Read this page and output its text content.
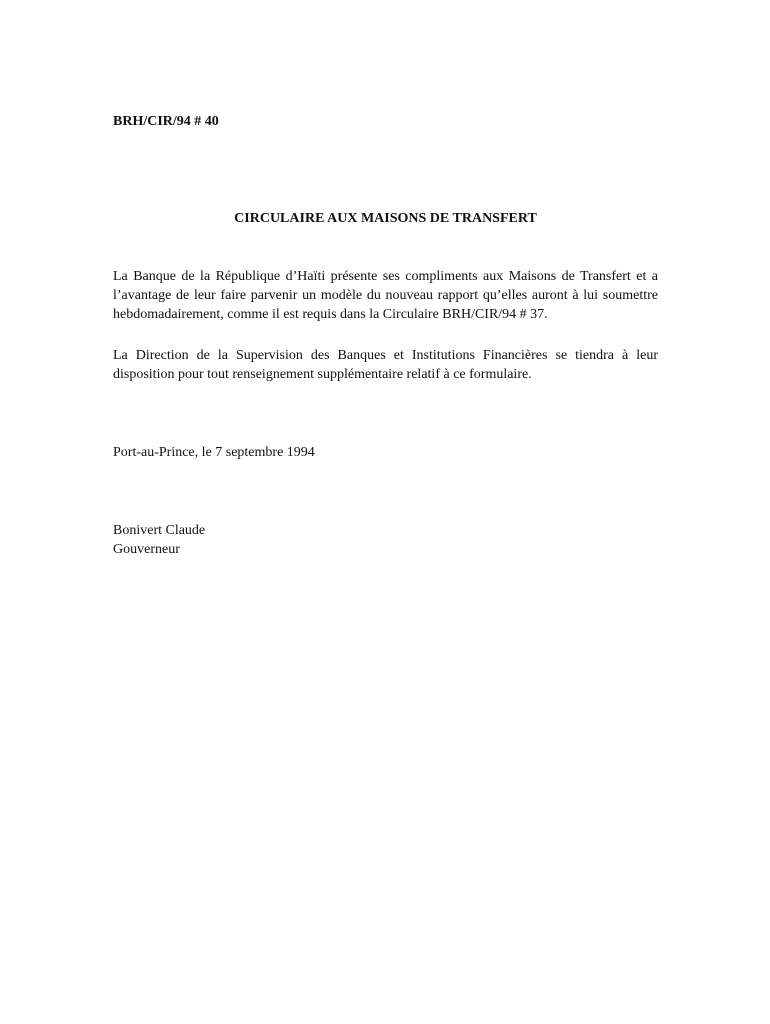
BRH/CIR/94 # 40

CIRCULAIRE AUX MAISONS DE TRANSFERT

La Banque de la République d’Haïti présente ses compliments aux Maisons de Transfert et a l’avantage de leur faire parvenir un modèle du nouveau rapport qu’elles auront à lui soumettre hebdomadairement, comme il est requis dans la Circulaire BRH/CIR/94 # 37.

La Direction de la Supervision des Banques et Institutions Financières se tiendra à leur disposition pour tout renseignement supplémentaire relatif à ce formulaire.

Port-au-Prince, le 7 septembre 1994

Bonivert Claude

Gouverneur
